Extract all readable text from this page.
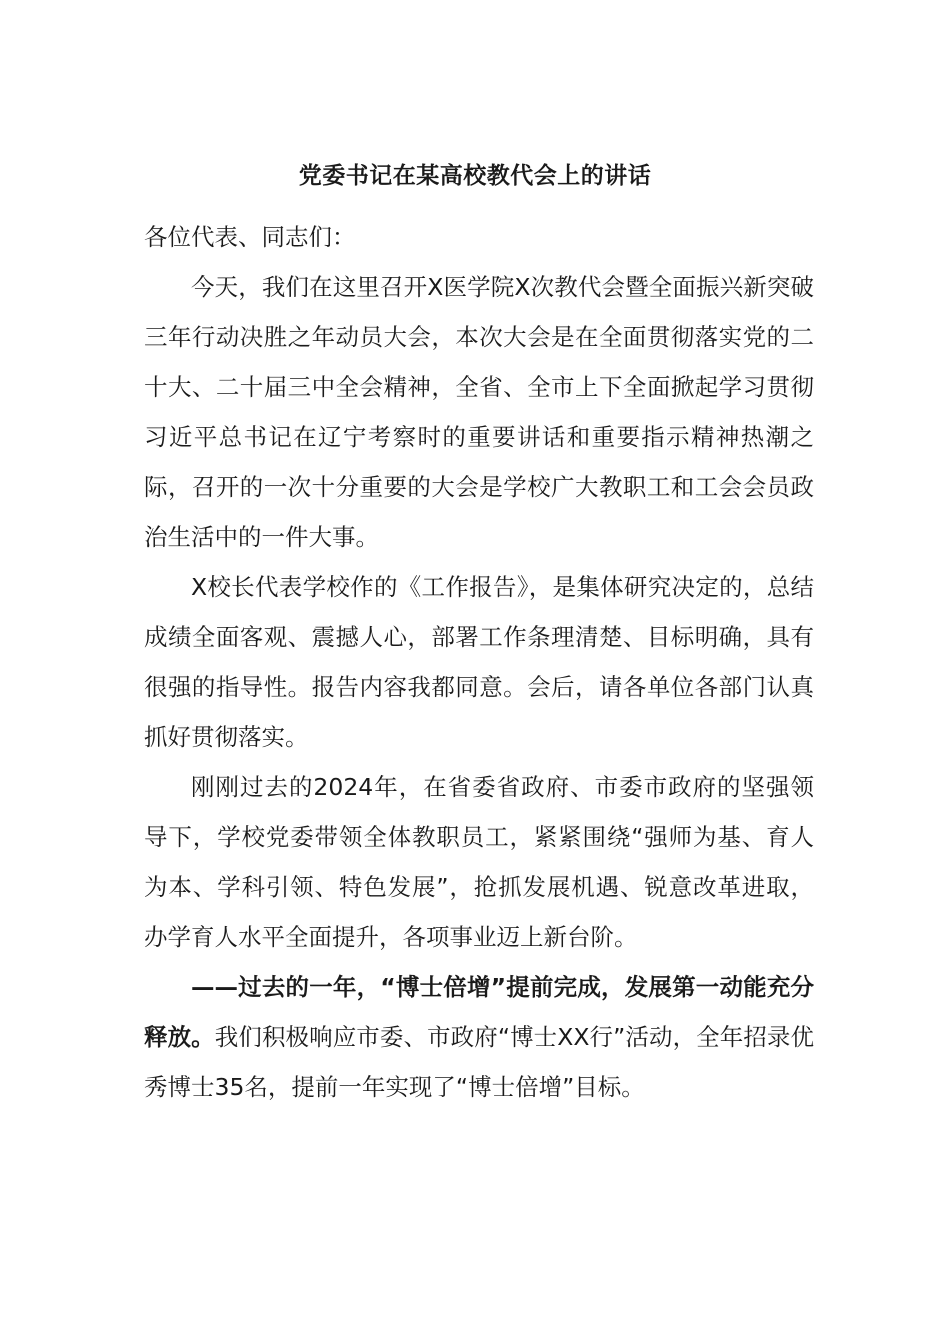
党委书记在某高校教代会上的讲话

各位代表、同志们：

今天，我们在这里召开X医学院X次教代会暨全面振兴新突破三年行动决胜之年动员大会，本次大会是在全面贯彻落实党的二十大、二十届三中全会精神，全省、全市上下全面掀起学习贯彻习近平总书记在辽宁考察时的重要讲话和重要指示精神热潮之际，召开的一次十分重要的大会是学校广大教职工和工会会员政治生活中的一件大事。

X校长代表学校作的《工作报告》，是集体研究决定的，总结成绩全面客观、震撼人心，部署工作条理清楚、目标明确，具有很强的指导性。报告内容我都同意。会后，请各单位各部门认真抓好贯彻落实。

刚刚过去的2024年，在省委省政府、市委市政府的坚强领导下，学校党委带领全体教职员工，紧紧围绕“强师为基、育人为本、学科引领、特色发展”，抢抓发展机遇、锐意改革进取，办学育人水平全面提升，各项事业迈上新台阶。

——过去的一年，“博士倍增”提前完成，发展第一动能充分释放。我们积极响应市委、市政府“博士XX行”活动，全年招录优秀博士35名，提前一年实现了“博士倍增”目标。
